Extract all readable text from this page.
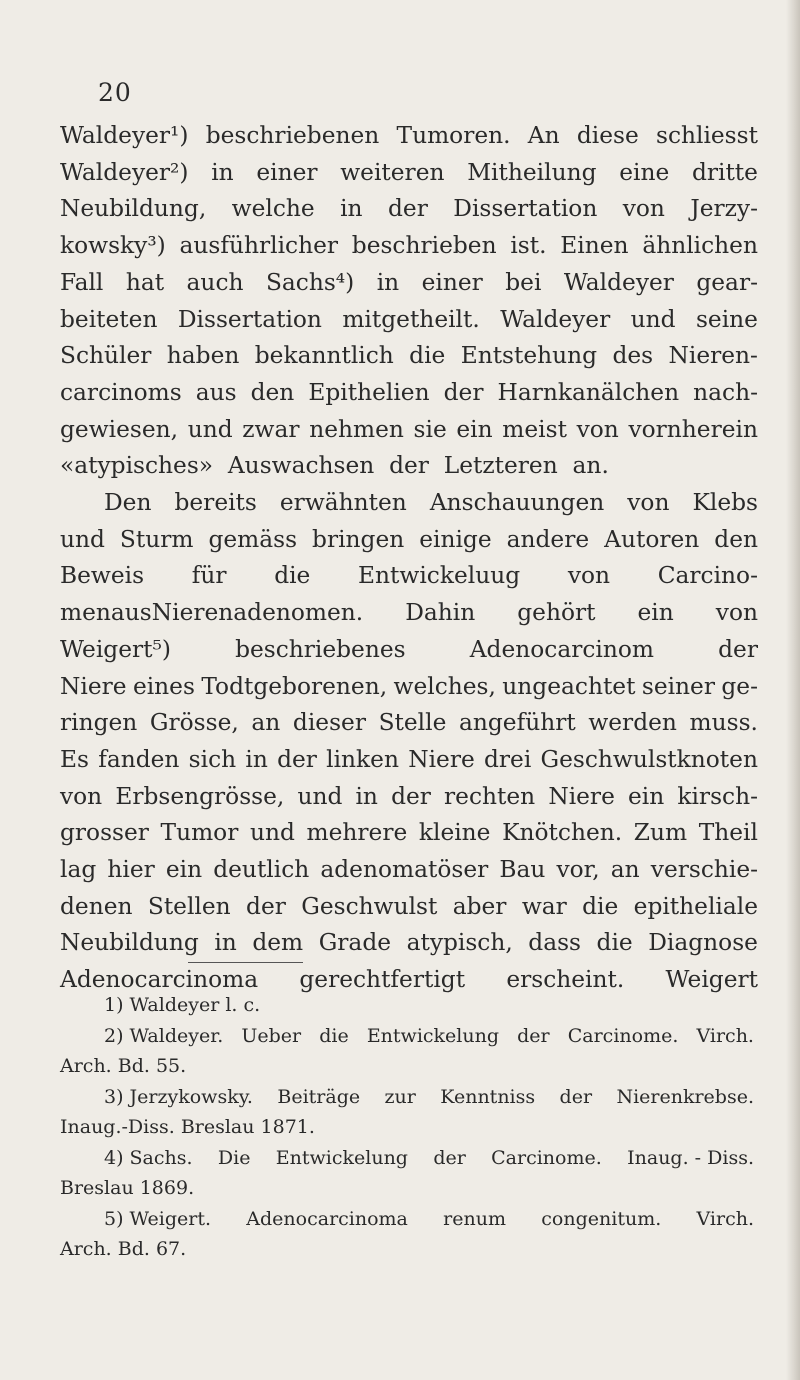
20
Waldeyer¹) beschriebenen Tumoren. An diese schliesst
Waldeyer²) in einer weiteren Mitheilung eine dritte
Neubildung, welche in der Dissertation von Jerzy-
kowsky³) ausführlicher beschrieben ist. Einen ähnlichen
Fall hat auch Sachs⁴) in einer bei Waldeyer gear-
beiteten Dissertation mitgetheilt. Waldeyer und seine
Schüler haben bekanntlich die Entstehung des Nieren-
carcinoms aus den Epithelien der Harnkanälchen nach-
gewiesen, und zwar nehmen sie ein meist von vornherein
«atypisches»
Auswachsen
der
Letzteren
an.
Den bereits erwähnten Anschauungen von Klebs
und Sturm gemäss bringen einige andere Autoren den
Beweis für die Entwickeluug von Carcino-
menausNierenadenomen. Dahin gehört ein von
Weigert⁵)	beschriebenes	Adenocarcinom	der
Niere eines Todtgeborenen, welches, ungeachtet seiner ge-
ringen Grösse, an dieser Stelle angeführt werden muss.
Es fanden sich in der linken Niere drei Geschwulstknoten
von Erbsengrösse, und in der rechten Niere ein kirsch-
grosser Tumor und mehrere kleine Knötchen. Zum Theil
lag hier ein deutlich adenomatöser Bau vor, an verschie-
denen Stellen der Geschwulst aber war die epitheliale
Neubildung in dem Grade atypisch, dass die Diagnose
Adenocarcinoma gerechtfertigt erscheint. Weigert
1) Waldeyer l. c.
2) Waldeyer. Ueber die Entwickelung der Carcinome. Virch.
Arch. Bd. 55.
3) Jerzykowsky. Beiträge zur Kenntniss der Nierenkrebse.
Inaug.-Diss. Breslau 1871.
4) Sachs. Die Entwickelung der Carcinome. Inaug. - Diss.
Breslau 1869.
5) Weigert. Adenocarcinoma renum congenitum. Virch.
Arch. Bd. 67.
